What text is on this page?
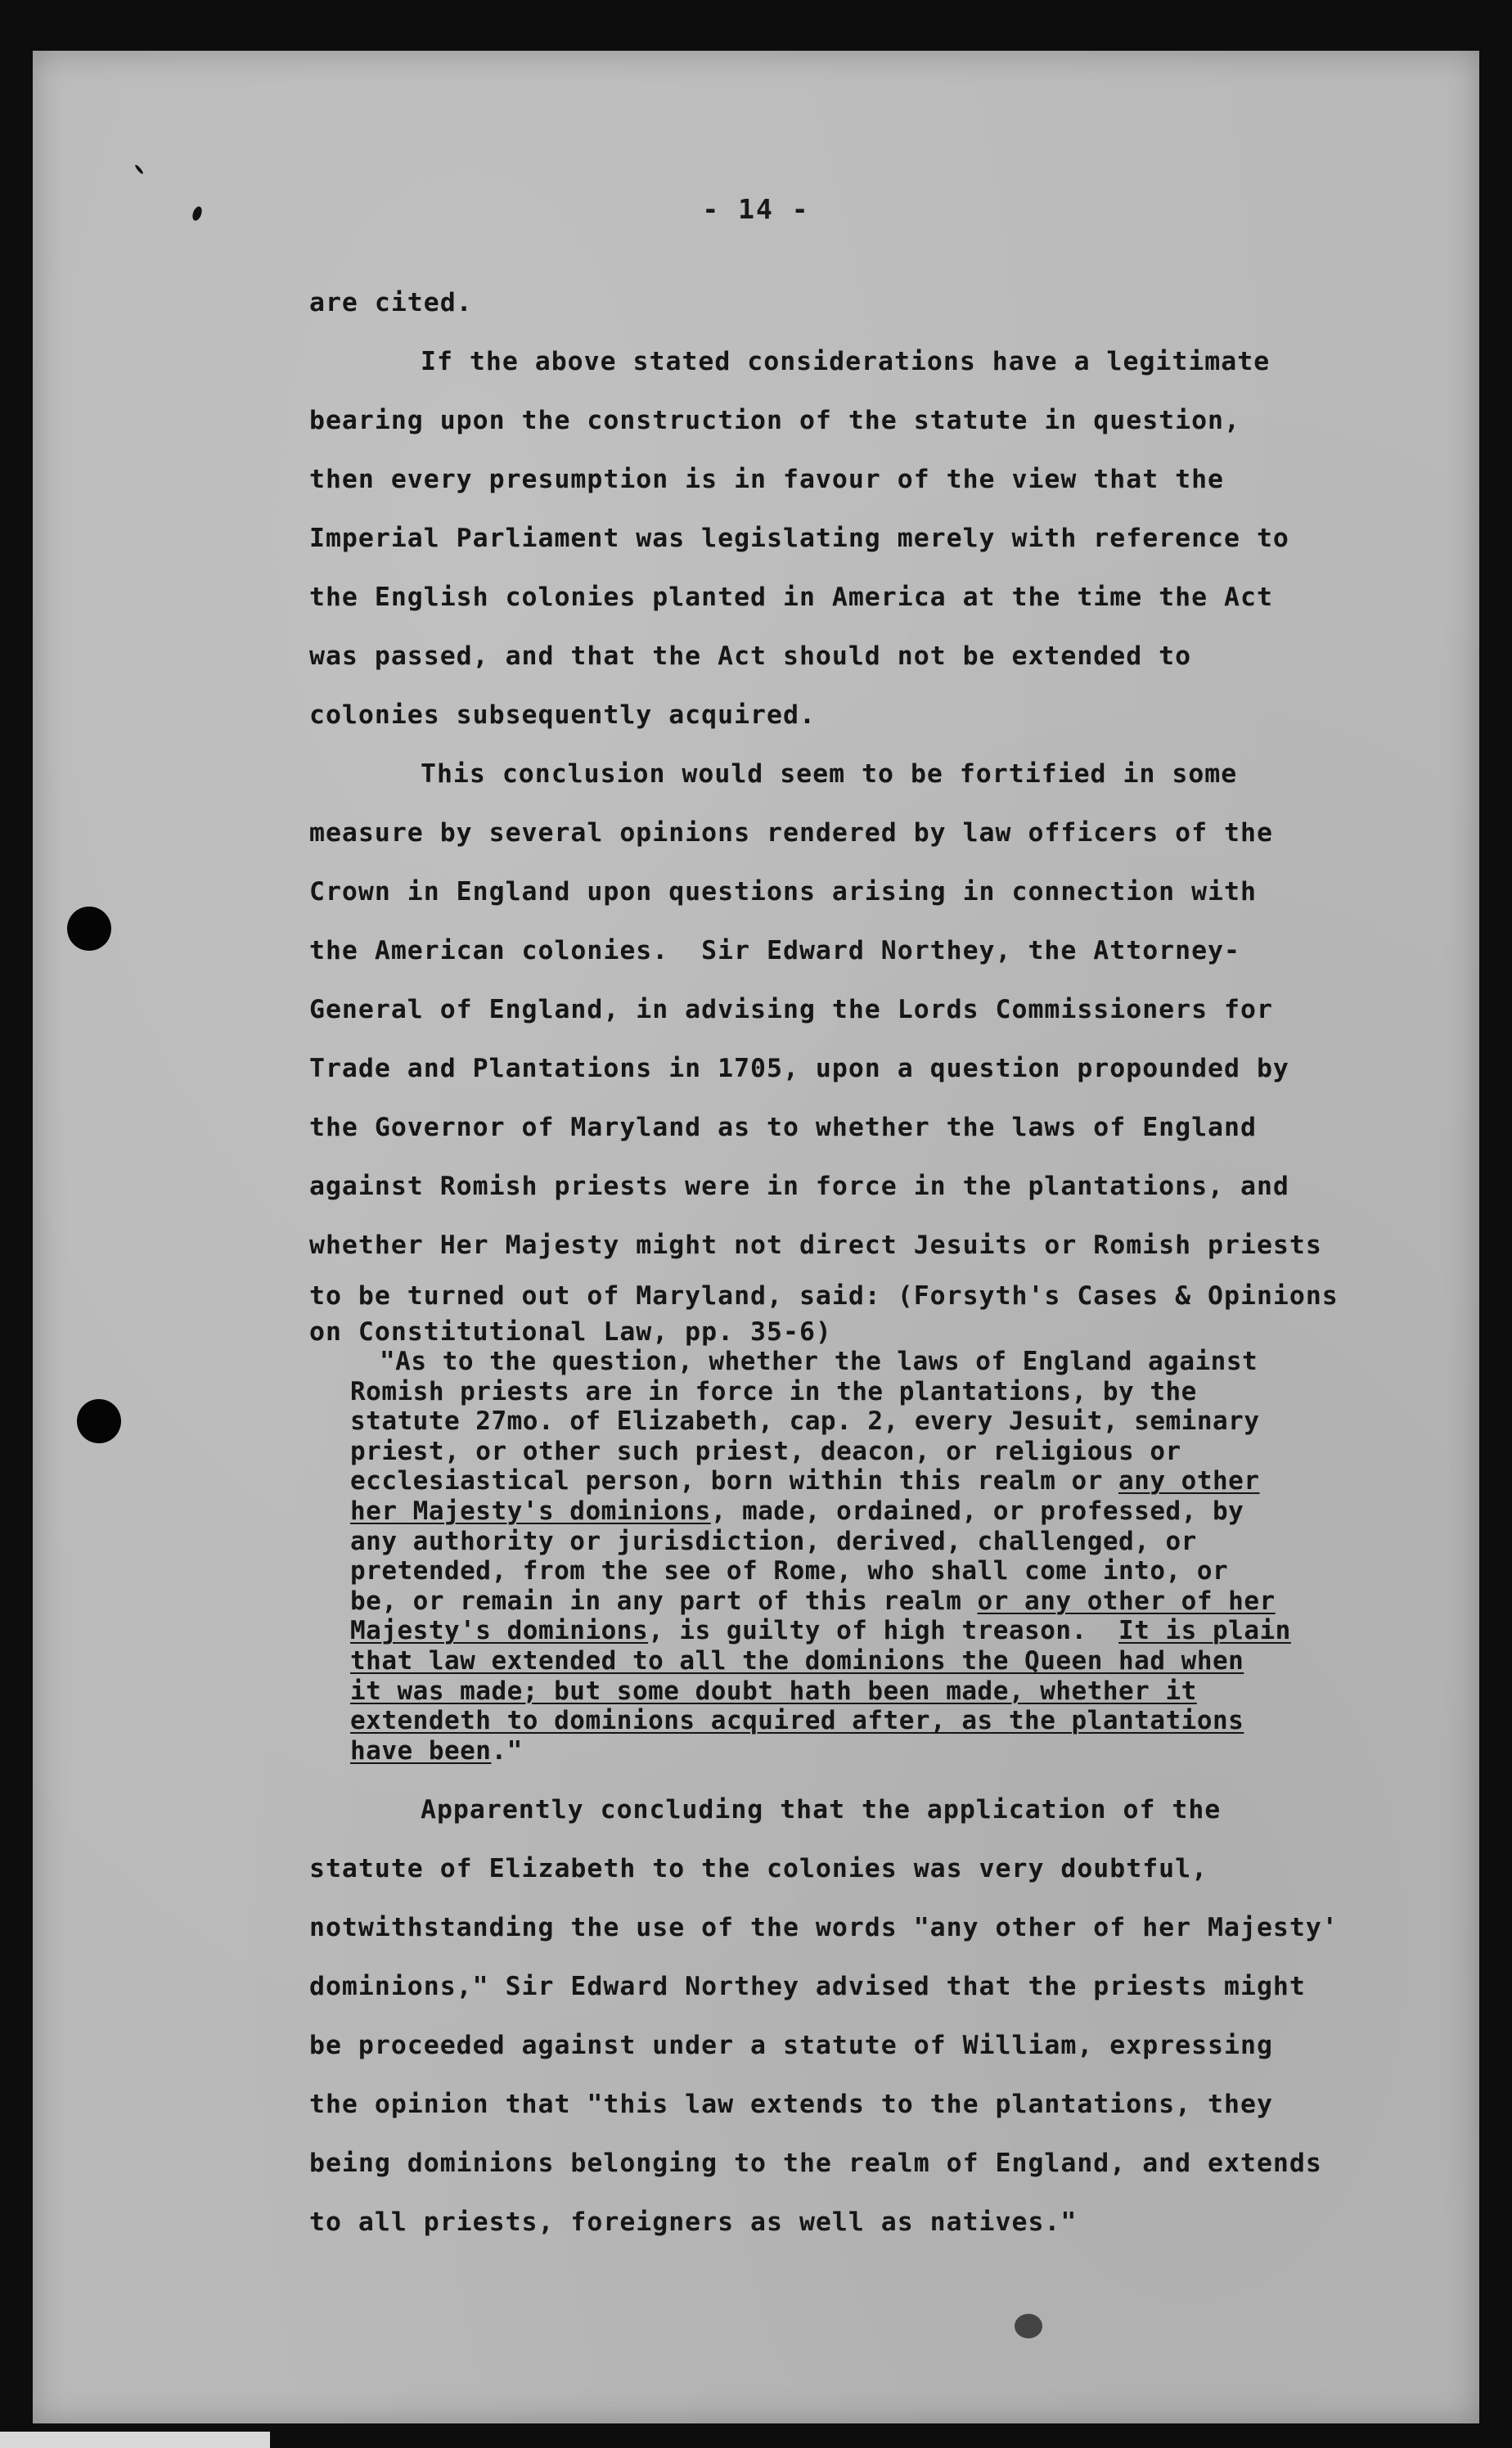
- 14 -
are cited.
If the above stated considerations have a legitimate
bearing upon the construction of the statute in question,
then every presumption is in favour of the view that the
Imperial Parliament was legislating merely with reference to
the English colonies planted in America at the time the Act
was passed, and that the Act should not be extended to
colonies subsequently acquired.
This conclusion would seem to be fortified in some
measure by several opinions rendered by law officers of the
Crown in England upon questions arising in connection with
the American colonies.  Sir Edward Northey, the Attorney-
General of England, in advising the Lords Commissioners for
Trade and Plantations in 1705, upon a question propounded by
the Governor of Maryland as to whether the laws of England
against Romish priests were in force in the plantations, and
whether Her Majesty might not direct Jesuits or Romish priests
to be turned out of Maryland, said: (Forsyth's Cases & Opinions
on Constitutional Law, pp. 35-6)
"As to the question, whether the laws of England against
Romish priests are in force in the plantations, by the
statute 27mo. of Elizabeth, cap. 2, every Jesuit, seminary
priest, or other such priest, deacon, or religious or
ecclesiastical person, born within this realm or any other
her Majesty's dominions, made, ordained, or professed, by
any authority or jurisdiction, derived, challenged, or
pretended, from the see of Rome, who shall come into, or
be, or remain in any part of this realm or any other of her
Majesty's dominions, is guilty of high treason.  It is plain
that law extended to all the dominions the Queen had when
it was made; but some doubt hath been made, whether it
extendeth to dominions acquired after, as the plantations
have been."
Apparently concluding that the application of the
statute of Elizabeth to the colonies was very doubtful,
notwithstanding the use of the words "any other of her Majesty'
dominions," Sir Edward Northey advised that the priests might
be proceeded against under a statute of William, expressing
the opinion that "this law extends to the plantations, they
being dominions belonging to the realm of England, and extends
to all priests, foreigners as well as natives."
